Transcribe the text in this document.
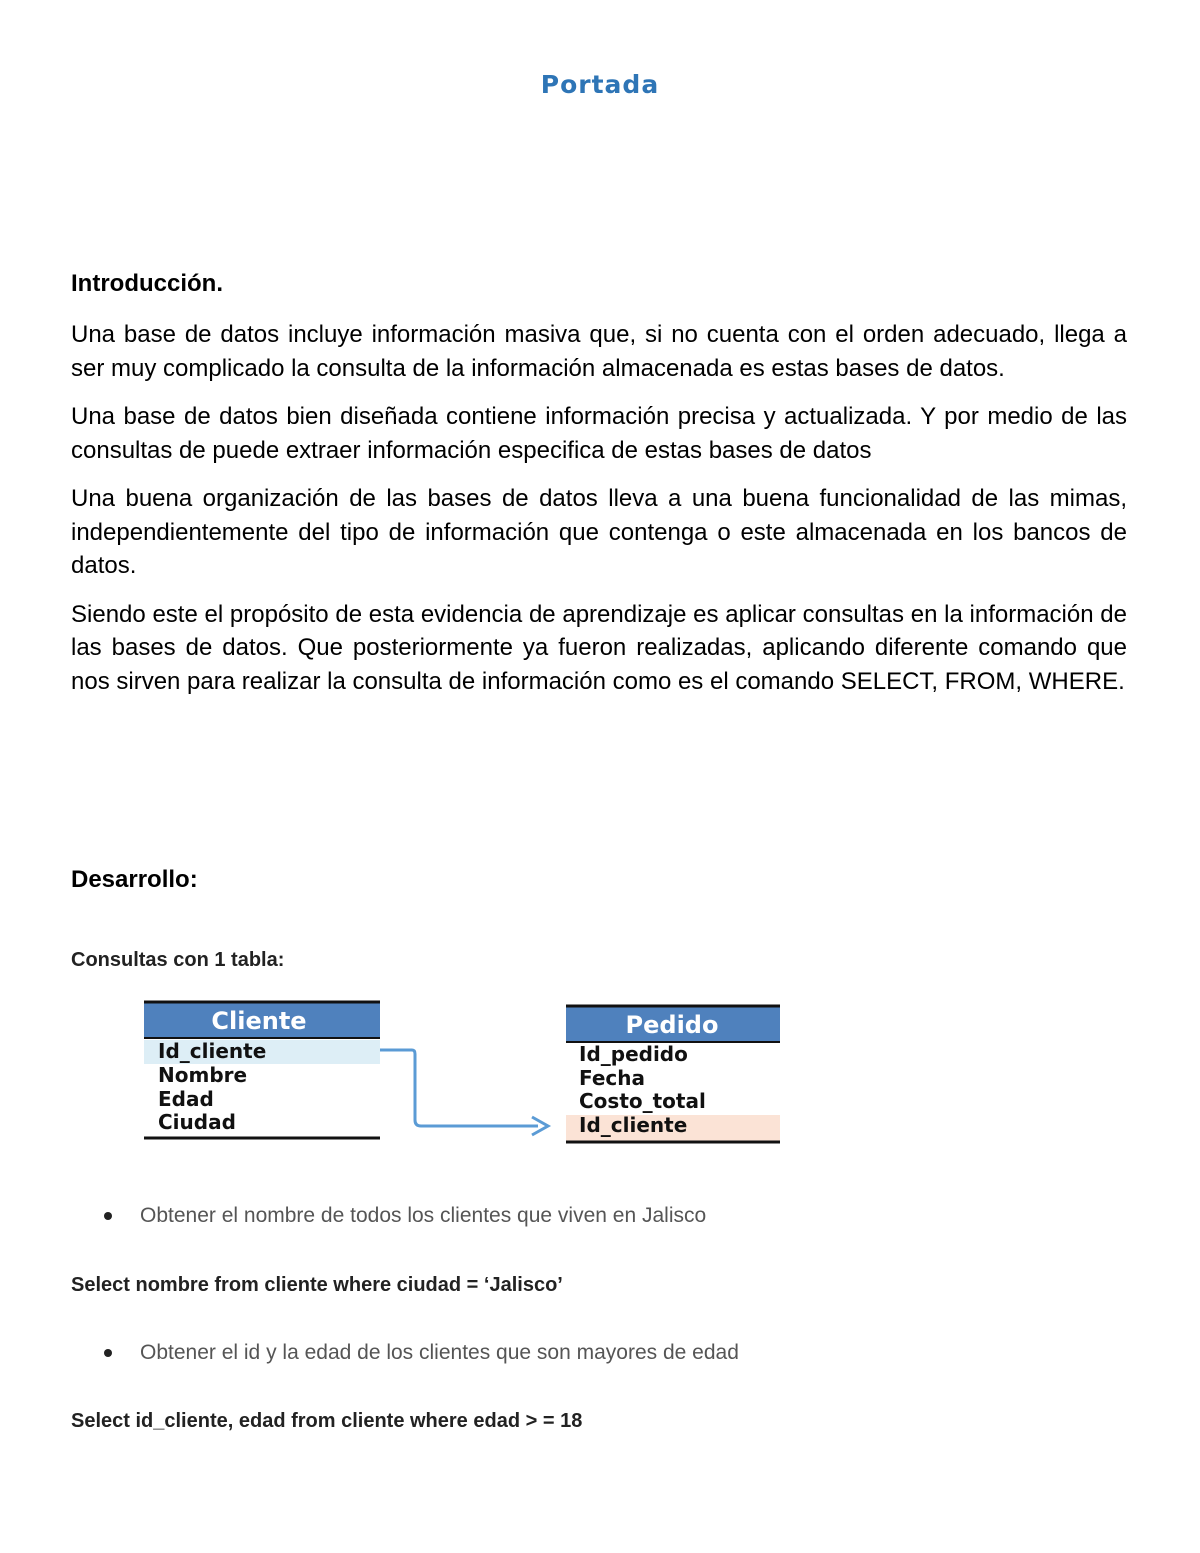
Portada
Introducción.

Una base de datos incluye información masiva que, si no cuenta con el orden adecuado, llega a ser muy complicado la consulta de la información almacenada es estas bases de datos.

Una base de datos bien diseñada contiene información precisa y actualizada. Y por medio de las consultas de puede extraer información especifica de estas bases de datos

Una buena organización de las bases de datos lleva a una buena funcionalidad de las mimas, independientemente del tipo de información que contenga o este almacenada en los bancos de datos.

Siendo este el propósito de esta evidencia de aprendizaje es aplicar consultas en la información de las bases de datos. Que posteriormente ya fueron realizadas, aplicando diferente comando que nos sirven para realizar la consulta de información como es el comando SELECT, FROM, WHERE.

Desarrollo:
Consultas con 1 tabla:
Cliente
Id_cliente
Nombre
Edad
Ciudad
Pedido
Id_pedido
Fecha
Costo_total
Id_cliente
Obtener el nombre de todos los clientes que viven en Jalisco
Select nombre from cliente where ciudad = ‘Jalisco’
Obtener el id y la edad de los clientes que son mayores de edad
Select id_cliente, edad from cliente where edad > = 18
